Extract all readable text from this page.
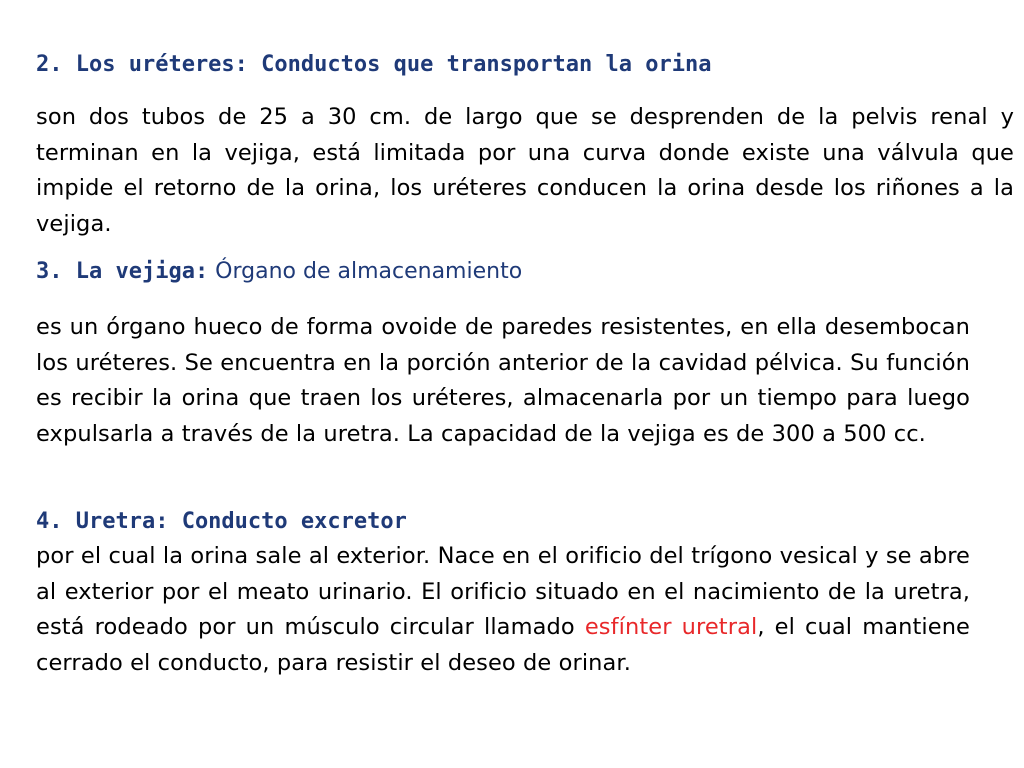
2. Los uréteres: Conductos que transportan la orina

son dos tubos de 25 a 30 cm. de largo que se desprenden de la pelvis renal y terminan en la vejiga, está limitada por una curva donde existe una válvula que impide el retorno de la orina, los uréteres conducen la orina desde los riñones a la vejiga.

3. La vejiga: Órgano de almacenamiento

es un órgano hueco de forma ovoide de paredes resistentes, en ella desembocan los uréteres. Se encuentra en la porción anterior de la cavidad pélvica. Su función es recibir la orina que traen los uréteres, almacenarla por un tiempo para luego expulsarla a través de la uretra. La capacidad de la vejiga es de 300 a 500 cc.

4. Uretra: Conducto excretor

por el cual la orina sale al exterior. Nace en el orificio del trígono vesical y se abre al exterior por el meato urinario. El orificio situado en el nacimiento de la uretra, está rodeado por un músculo circular llamado esfínter uretral, el cual mantiene cerrado el conducto, para resistir el deseo de orinar.
